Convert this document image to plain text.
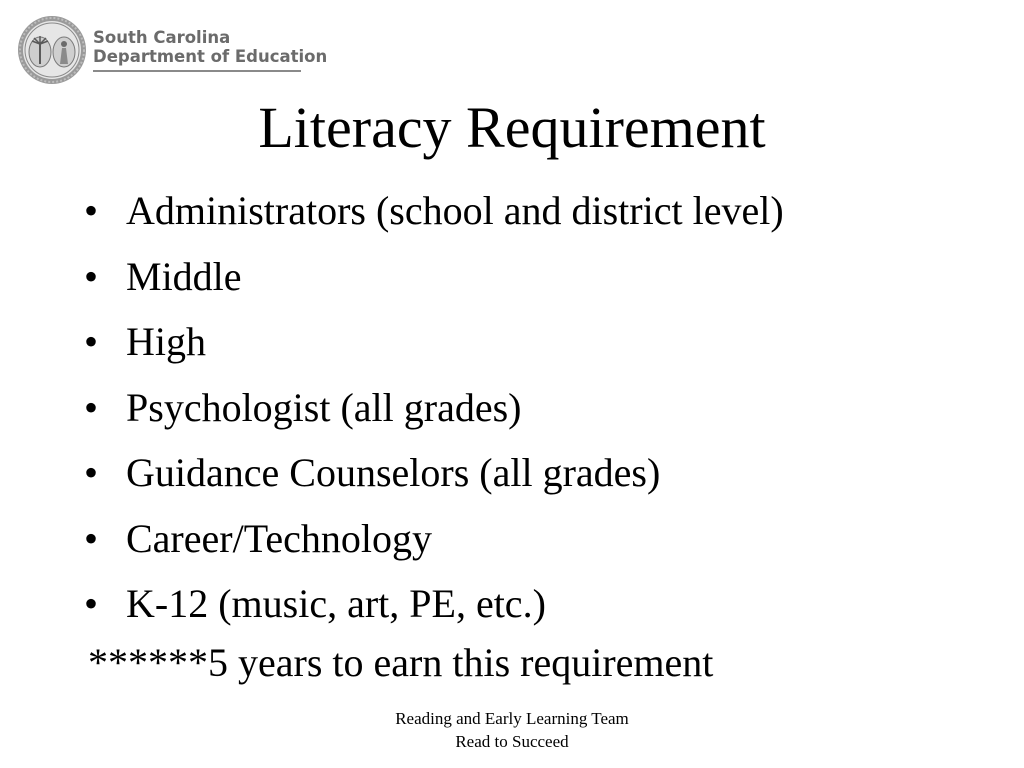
South Carolina
Department of Education
Literacy Requirement
• Administrators (school and district level)
• Middle
• High
• Psychologist (all grades)
• Guidance Counselors (all grades)
• Career/Technology
• K-12 (music, art, PE, etc.)
******5 years to earn this requirement
Reading and Early Learning Team
Read to Succeed
